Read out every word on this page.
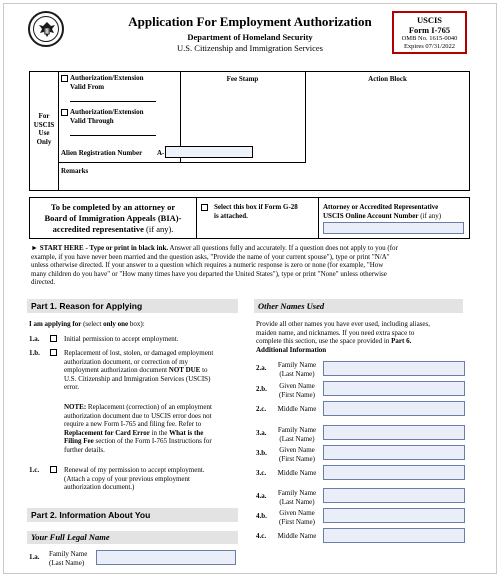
Application For Employment Authorization
Department of Homeland Security
U.S. Citizenship and Immigration Services
USCIS
Form I-765
OMB No. 1615-0040
Expires 07/31/2022
For
USCIS
Use
Only
Authorization/Extension
Valid From
Authorization/Extension
Valid Through
Alien Registration Number A-
Remarks
Fee Stamp	Action Block
To be completed by an attorney or
Board of Immigration Appeals (BIA)-
accredited representative (if any).
Select this box if Form G-28
is attached.
Attorney or Accredited Representative
USCIS Online Account Number (if any)
► START HERE - Type or print in black ink. Answer all questions fully and accurately. If a question does not apply to you (for
example, if you have never been married and the question asks, "Provide the name of your current spouse"), type or print "N/A"
unless otherwise directed. If your answer to a question which requires a numeric response is zero or none (for example, "How
many children do you have" or "How many times have you departed the United States"), type or print "None" unless otherwise
directed.
Part 1. Reason for Applying
I am applying for (select only one box):
1.a.	Initial permission to accept employment.
1.b.	Replacement of lost, stolen, or damaged employment
authorization document, or correction of my
employment authorization document NOT DUE to
U.S. Citizenship and Immigration Services (USCIS)
error.
NOTE: Replacement (correction) of an employment
authorization document due to USCIS error does not
require a new Form I-765 and filing fee. Refer to
Replacement for Card Error in the What is the
Filing Fee section of the Form I-765 Instructions for
further details.
1.c.	Renewal of my permission to accept employment.
(Attach a copy of your previous employment
authorization document.)
Part 2. Information About You
Your Full Legal Name
1.a. Family Name
(Last Name)
Other Names Used
Provide all other names you have ever used, including aliases,
maiden name, and nicknames. If you need extra space to
complete this section, use the space provided in Part 6.
Additional Information
2.a.	Family Name
(Last Name)
2.b.	Given Name
(First Name)
2.c.	Middle Name
3.a.	Family Name
(Last Name)
3.b.	Given Name
(First Name)
3.c.	Middle Name
4.a.	Family Name
(Last Name)
4.b.	Given Name
(First Name)
4.c.	Middle Name
